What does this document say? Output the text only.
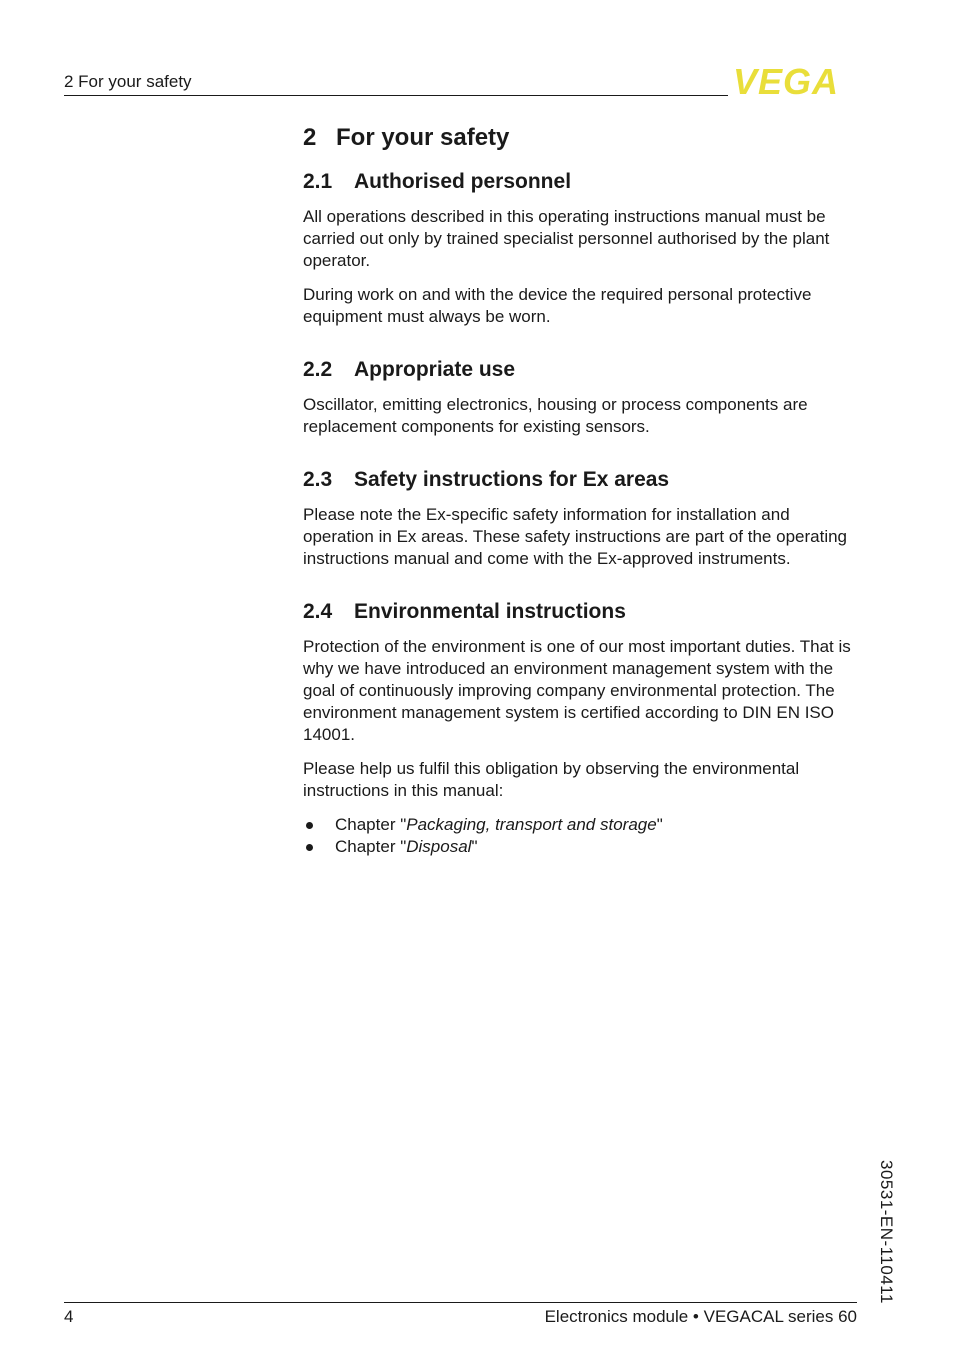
2 For your safety	VEGA
2 For your safety
2.1 Authorised personnel

All operations described in this operating instructions manual must be carried out only by trained specialist personnel authorised by the plant operator.

During work on and with the device the required personal protective equipment must always be worn.

2.2 Appropriate use

Oscillator, emitting electronics, housing or process components are replacement components for existing sensors.

2.3 Safety instructions for Ex areas

Please note the Ex-specific safety information for installation and operation in Ex areas. These safety instructions are part of the operating instructions manual and come with the Ex-approved instruments.

2.4 Environmental instructions

Protection of the environment is one of our most important duties. That is why we have introduced an environment management system with the goal of continuously improving company environmental protection. The environment management system is certified according to DIN EN ISO 14001.

Please help us fulfil this obligation by observing the environmental instructions in this manual:

Chapter "Packaging, transport and storage"
Chapter "Disposal"
30531-EN-110411
4	Electronics module • VEGACAL series 60
